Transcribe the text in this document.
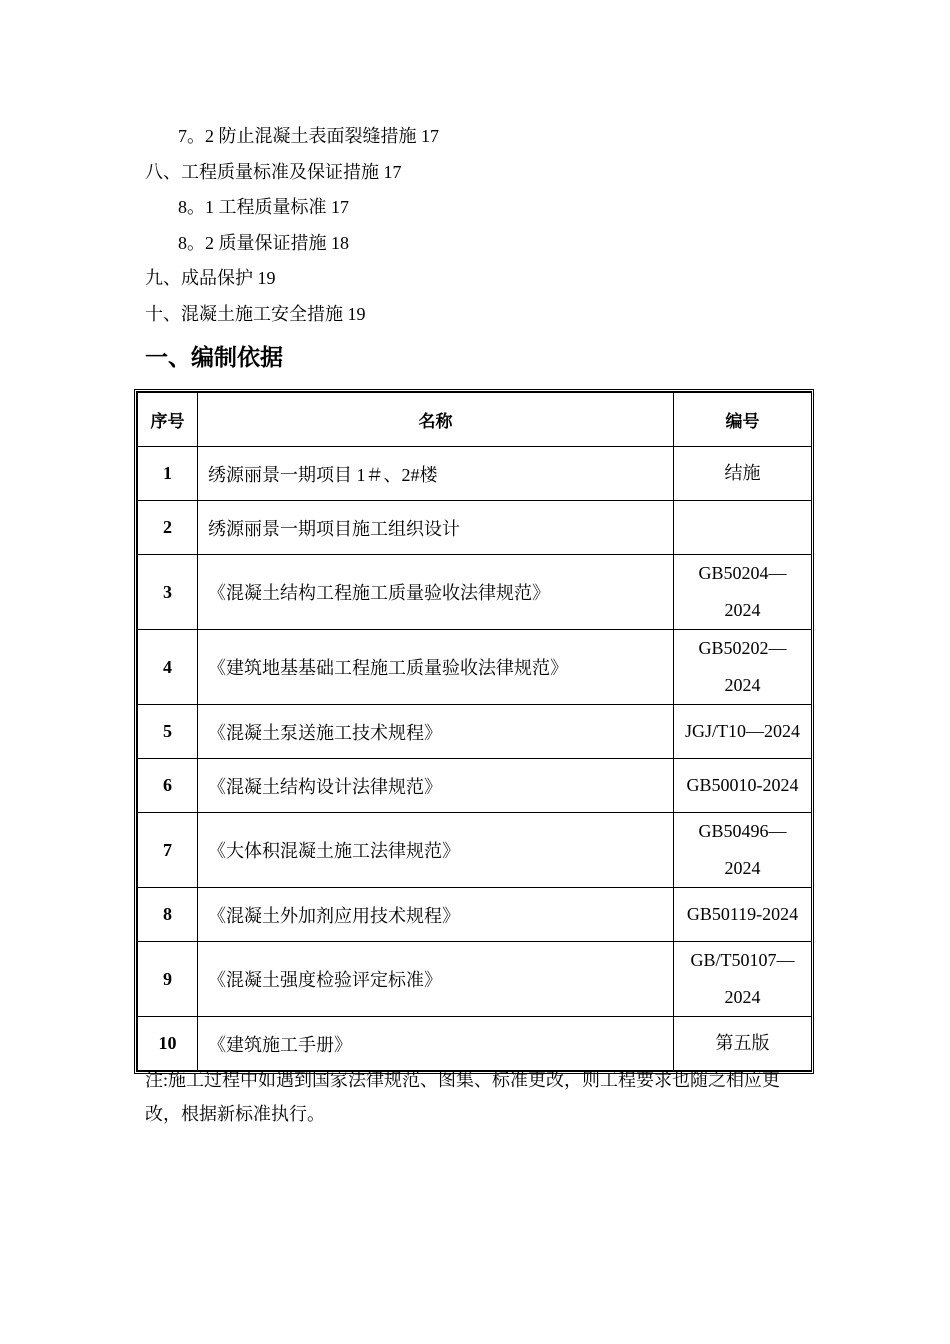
7。2 防止混凝土表面裂缝措施 17
八、工程质量标准及保证措施 17
8。1 工程质量标准 17
8。2 质量保证措施 18
九、成品保护 19
十、混凝土施工安全措施 19
一、编制依据
序号	名称	编号
1	绣源丽景一期项目 1＃、2#楼	结施
2	绣源丽景一期项目施工组织设计	
3	《混凝土结构工程施工质量验收法律规范》	GB50204—2024
4	《建筑地基基础工程施工质量验收法律规范》	GB50202—2024
5	《混凝土泵送施工技术规程》	JGJ/T10—2024
6	《混凝土结构设计法律规范》	GB50010-2024
7	《大体积混凝土施工法律规范》	GB50496—2024
8	《混凝土外加剂应用技术规程》	GB50119-2024
9	《混凝土强度检验评定标准》	GB/T50107—2024
10	《建筑施工手册》	第五版
注:施工过程中如遇到国家法律规范、图集、标准更改，则工程要求也随之相应更改，根据新标准执行。
